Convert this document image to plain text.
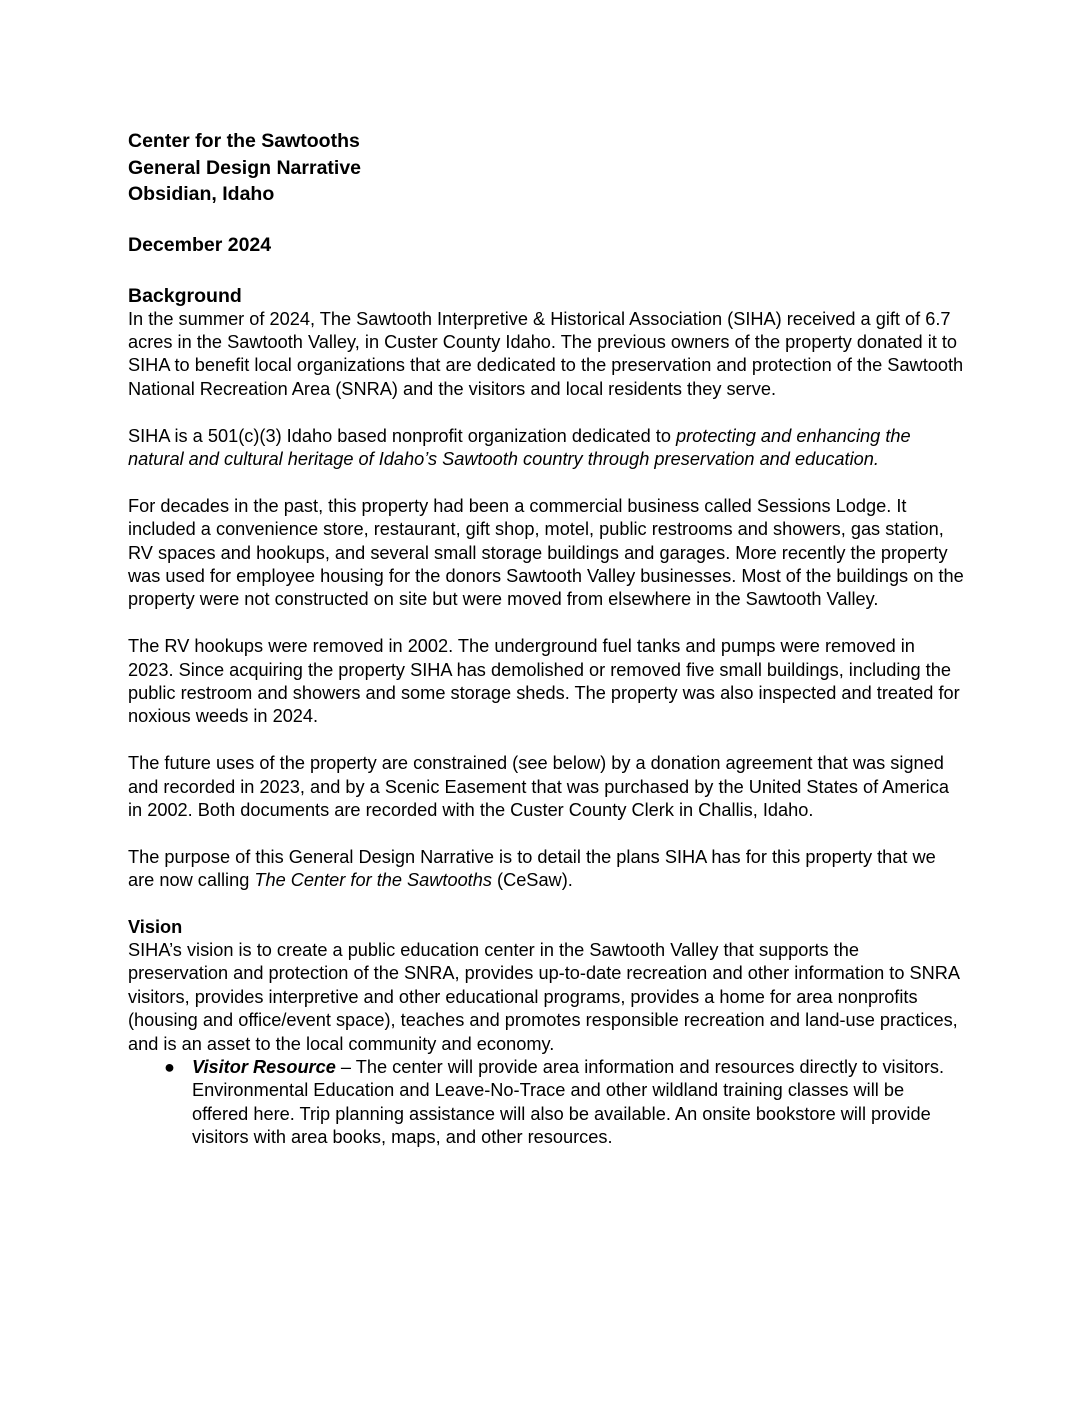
Center for the Sawtooths
General Design Narrative
Obsidian, Idaho
December 2024
Background

In the summer of 2024, The Sawtooth Interpretive & Historical Association (SIHA) received a gift of 6.7 acres in the Sawtooth Valley, in Custer County Idaho. The previous owners of the property donated it to SIHA to benefit local organizations that are dedicated to the preservation and protection of the Sawtooth National Recreation Area (SNRA) and the visitors and local residents they serve.

SIHA is a 501(c)(3) Idaho based nonprofit organization dedicated to protecting and enhancing the natural and cultural heritage of Idaho’s Sawtooth country through preservation and education.

For decades in the past, this property had been a commercial business called Sessions Lodge. It included a convenience store, restaurant, gift shop, motel, public restrooms and showers, gas station, RV spaces and hookups, and several small storage buildings and garages. More recently the property was used for employee housing for the donors Sawtooth Valley businesses. Most of the buildings on the property were not constructed on site but were moved from elsewhere in the Sawtooth Valley.

The RV hookups were removed in 2002. The underground fuel tanks and pumps were removed in 2023. Since acquiring the property SIHA has demolished or removed five small buildings, including the public restroom and showers and some storage sheds. The property was also inspected and treated for noxious weeds in 2024.

The future uses of the property are constrained (see below) by a donation agreement that was signed and recorded in 2023, and by a Scenic Easement that was purchased by the United States of America in 2002. Both documents are recorded with the Custer County Clerk in Challis, Idaho.

The purpose of this General Design Narrative is to detail the plans SIHA has for this property that we are now calling The Center for the Sawtooths (CeSaw).

Vision

SIHA’s vision is to create a public education center in the Sawtooth Valley that supports the preservation and protection of the SNRA, provides up-to-date recreation and other information to SNRA visitors, provides interpretive and other educational programs, provides a home for area nonprofits (housing and office/event space), teaches and promotes responsible recreation and land-use practices, and is an asset to the local community and economy.

● Visitor Resource – The center will provide area information and resources directly to visitors. Environmental Education and Leave-No-Trace and other wildland training classes will be offered here. Trip planning assistance will also be available. An onsite bookstore will provide visitors with area books, maps, and other resources.
